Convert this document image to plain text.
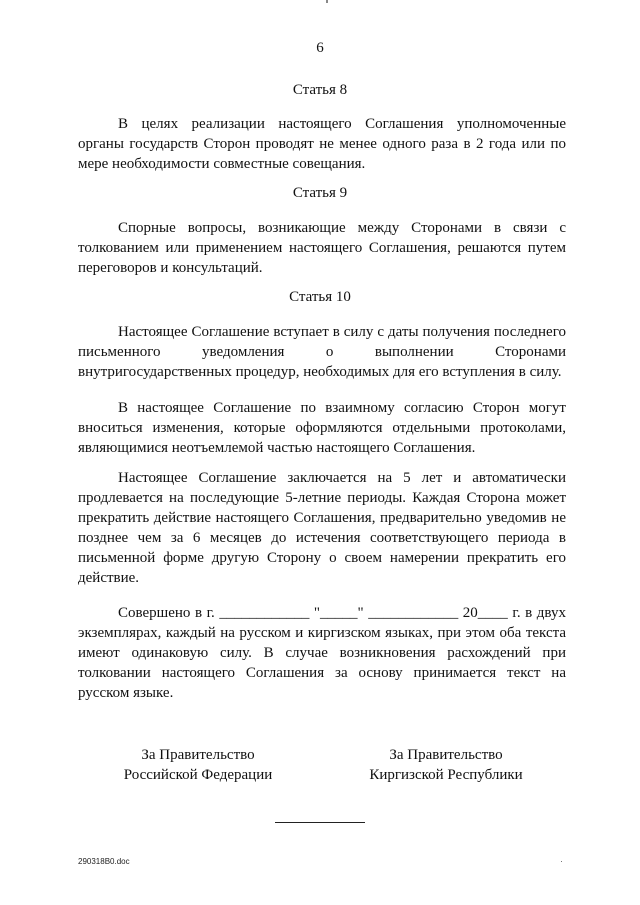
6
Статья 8

В целях реализации настоящего Соглашения уполномоченные органы государств Сторон проводят не менее одного раза в 2 года или по мере необходимости совместные совещания.

Статья 9

Спорные вопросы, возникающие между Сторонами в связи с толкованием или применением настоящего Соглашения, решаются путем переговоров и консультаций.

Статья 10

Настоящее Соглашение вступает в силу с даты получения последнего письменного уведомления о выполнении Сторонами внутригосударственных процедур, необходимых для его вступления в силу.

В настоящее Соглашение по взаимному согласию Сторон могут вноситься изменения, которые оформляются отдельными протоколами, являющимися неотъемлемой частью настоящего Соглашения.

Настоящее Соглашение заключается на 5 лет и автоматически продлевается на последующие 5-летние периоды. Каждая Сторона может прекратить действие настоящего Соглашения, предварительно уведомив не позднее чем за 6 месяцев до истечения соответствующего периода в письменной форме другую Сторону о своем намерении прекратить его действие.

Совершено в г. ____________ "_____" ____________ 20____ г. в двух экземплярах, каждый на русском и киргизском языках, при этом оба текста имеют одинаковую силу. В случае возникновения расхождений при толковании настоящего Соглашения за основу принимается текст на русском языке.

За Правительство
Российской Федерации
За Правительство
Киргизской Республики
290318B0.doc
